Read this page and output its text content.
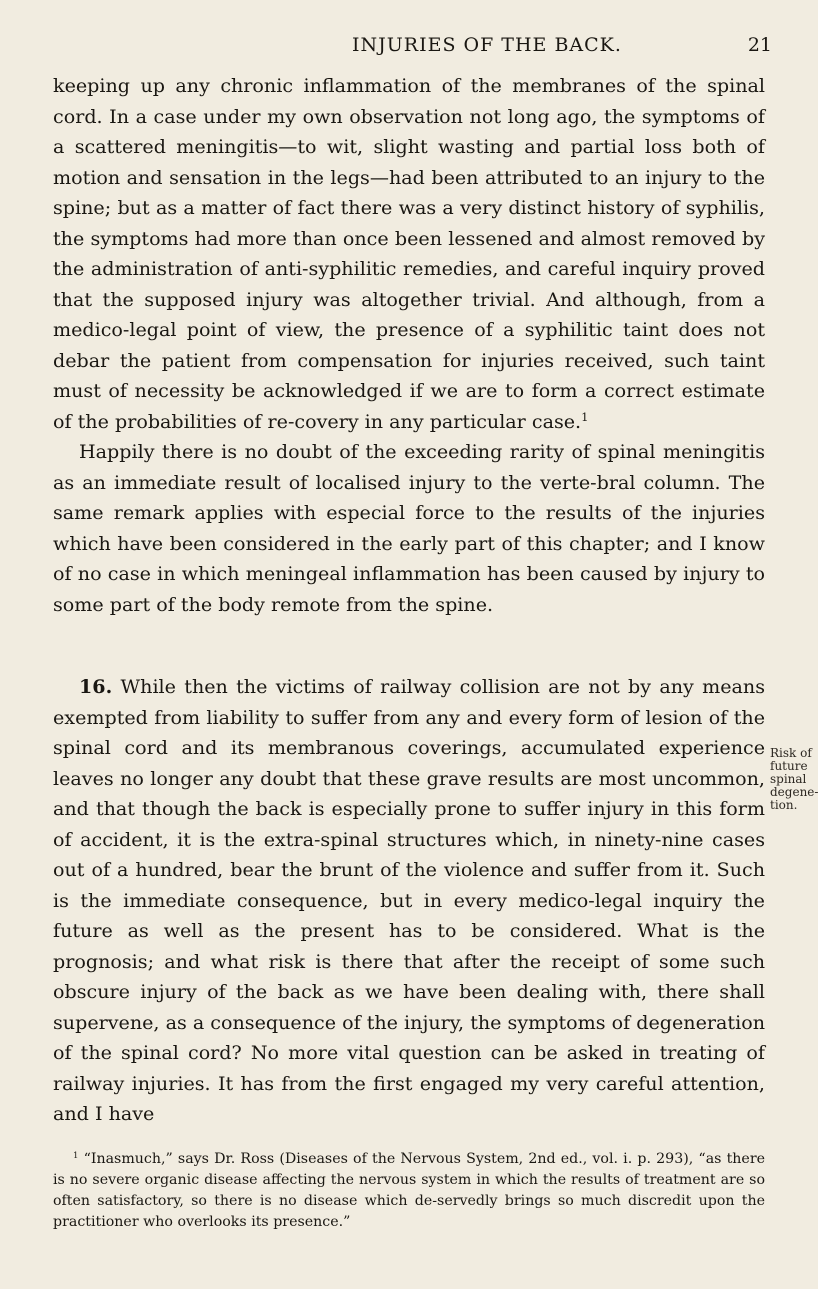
INJURIES OF THE BACK.	21

keeping up any chronic inflammation of the membranes of the spinal cord. In a case under my own observation not long ago, the symptoms of a scattered meningitis—to wit, slight wasting and partial loss both of motion and sensation in the legs—had been attributed to an injury to the spine; but as a matter of fact there was a very distinct history of syphilis, the symptoms had more than once been lessened and almost removed by the administration of anti-syphilitic remedies, and careful inquiry proved that the supposed injury was altogether trivial. And although, from a medico-legal point of view, the presence of a syphilitic taint does not debar the patient from compensation for injuries received, such taint must of necessity be acknowledged if we are to form a correct estimate of the probabilities of re-covery in any particular case.$^1$

Happily there is no doubt of the exceeding rarity of spinal meningitis as an immediate result of localised injury to the verte-bral column. The same remark applies with especial force to the results of the injuries which have been considered in the early part of this chapter; and I know of no case in which meningeal inflammation has been caused by injury to some part of the body remote from the spine.

16. While then the victims of railway collision are not by any means exempted from liability to suffer from any and every form of lesion of the spinal cord and its membranous coverings, accumulated experience leaves no longer any doubt that these grave results are most uncommon, and that though the back is especially prone to suffer injury in this form of accident, it is the extra-spinal structures which, in ninety-nine cases out of a hundred, bear the brunt of the violence and suffer from it. Such is the immediate consequence, but in every medico-legal inquiry the future as well as the present has to be considered. What is the prognosis; and what risk is there that after the receipt of some such obscure injury of the back as we have been dealing with, there shall supervene, as a consequence of the injury, the symptoms of degeneration of the spinal cord? No more vital question can be asked in treating of railway injuries. It has from the first engaged my very careful attention, and I have

Risk of
future
spinal
degene-
tion.

$^1$ “Inasmuch,” says Dr. Ross (Diseases of the Nervous System, 2nd ed., vol. i. p. 293), “as there is no severe organic disease affecting the nervous system in which the results of treatment are so often satisfactory, so there is no disease which de-servedly brings so much discredit upon the practitioner who overlooks its presence.”
